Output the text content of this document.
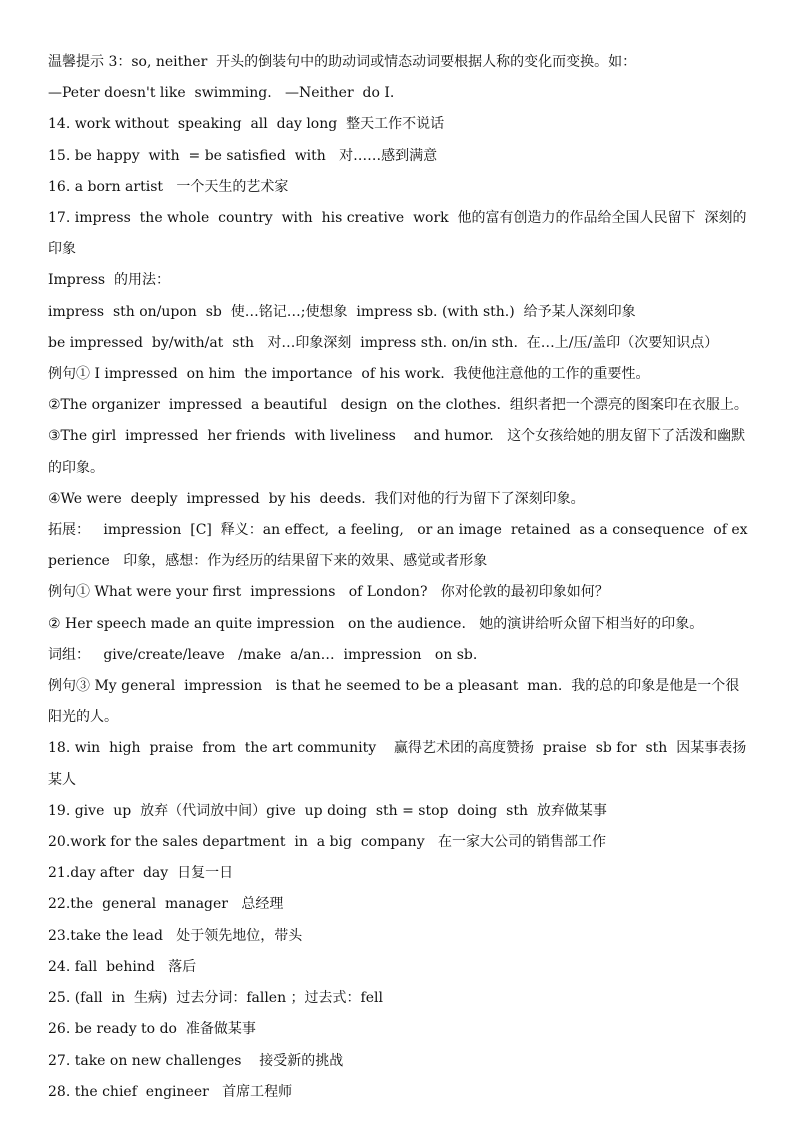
温馨提示 3：so, neither  开头的倒装句中的助动词或情态动词要根据人称的变化而变换。如：
—Peter doesn't like  swimming.   —Neither  do I.
14. work without  speaking  all  day long  整天工作不说话
15. be happy  with  = be satisfied  with   对……感到满意
16. a born artist   一个天生的艺术家
17. impress  the whole  country  with  his creative  work  他的富有创造力的作品给全国人民留下  深刻的印象
Impress  的用法：
impress  sth on/upon  sb  使…铭记…;使想象  impress sb. (with sth.)  给予某人深刻印象
be impressed  by/with/at  sth   对…印象深刻  impress sth. on/in sth.  在…上/压/盖印（次要知识点）
例句① I impressed  on him  the importance  of his work.  我使他注意他的工作的重要性。
②The organizer  impressed  a beautiful   design  on the clothes.  组织者把一个漂亮的图案印在衣服上。
③The girl  impressed  her friends  with liveliness    and humor.   这个女孩给她的朋友留下了活泼和幽默的印象。
④We were  deeply  impressed  by his  deeds.  我们对他的行为留下了深刻印象。
拓展：   impression  [C]  释义：an effect,  a feeling,   or an image  retained  as a consequence  of experience   印象，感想：作为经历的结果留下来的效果、感觉或者形象
例句① What were your first  impressions   of London?   你对伦敦的最初印象如何？
② Her speech made an quite impression   on the audience.   她的演讲给听众留下相当好的印象。
词组：   give/create/leave   /make  a/an…  impression   on sb.
例句③ My general  impression   is that he seemed to be a pleasant  man.  我的总的印象是他是一个很阳光的人。
18. win  high  praise  from  the art community    赢得艺术团的高度赞扬  praise  sb for  sth  因某事表扬某人
19. give  up  放弃（代词放中间）give  up doing  sth = stop  doing  sth  放弃做某事
20.work for the sales department  in  a big  company   在一家大公司的销售部工作
21.day after  day  日复一日
22.the  general  manager   总经理
23.take the lead   处于领先地位，带头
24. fall  behind   落后
25. (fall  in  生病)  过去分词：fallen ；过去式：fell
26. be ready to do  准备做某事
27. take on new challenges    接受新的挑战
28. the chief  engineer   首席工程师
